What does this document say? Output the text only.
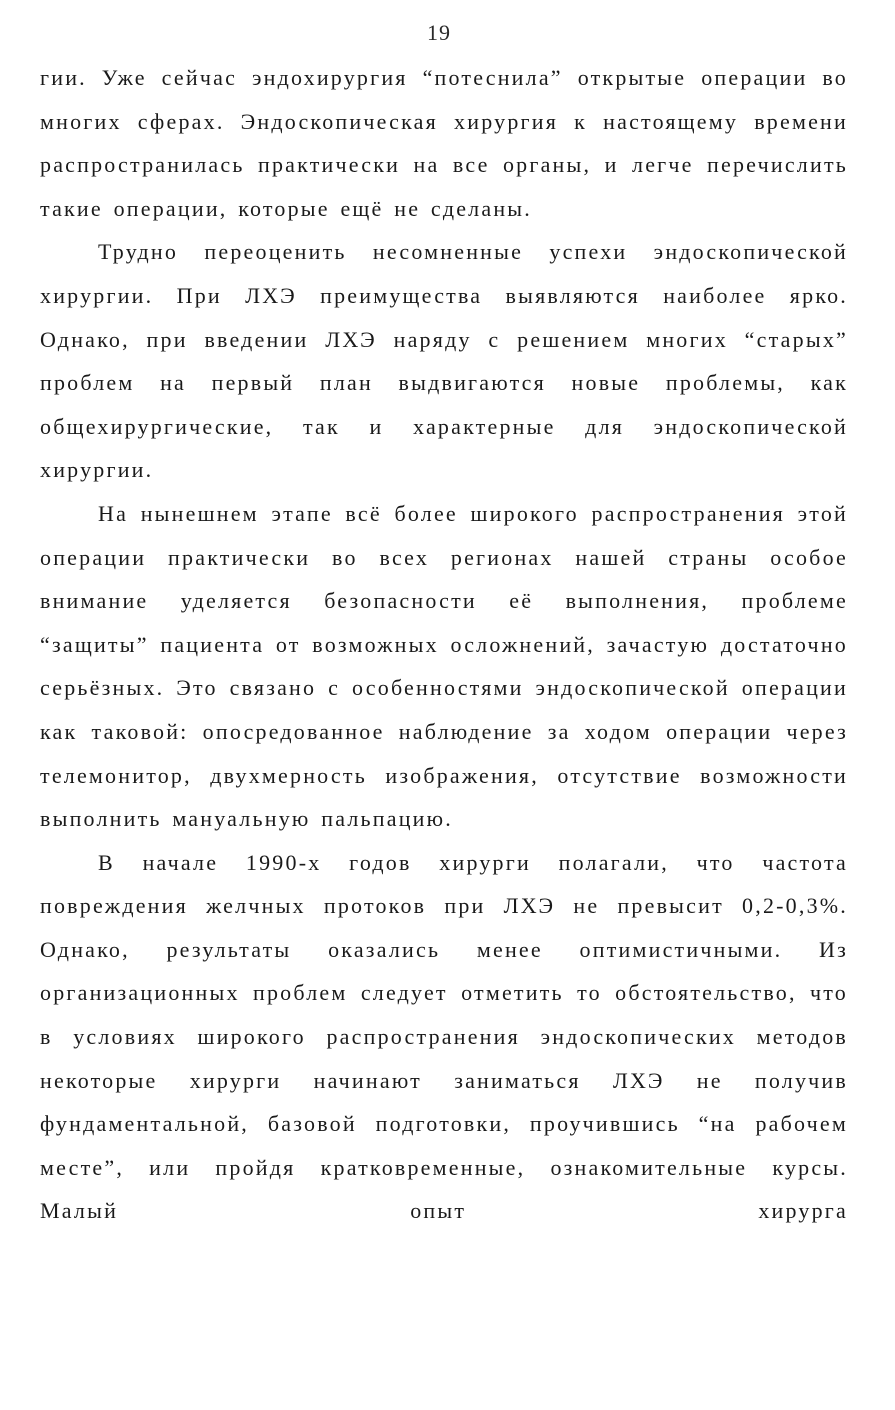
19

гии. Уже сейчас эндохирургия “потеснила” открытые операции во многих сферах. Эндоскопическая хирургия к настоящему времени распространилась практически на все органы, и легче перечислить такие операции, которые ещё не сделаны.

Трудно переоценить несомненные успехи эндоскопической хирургии. При ЛХЭ преимущества выявляются наиболее ярко. Однако, при введении ЛХЭ наряду с решением многих “старых” проблем на первый план выдвигаются новые проблемы, как общехирургические, так и характерные для эндоскопической хирургии.

На нынешнем этапе всё более широкого распространения этой операции практически во всех регионах нашей страны особое внимание уделяется безопасности её выполнения, проблеме “защиты” пациента от возможных осложнений, зачастую достаточно серьёзных. Это связано с особенностями эндоскопической операции как таковой: опосредованное наблюдение за ходом операции через телемонитор, двухмерность изображения, отсутствие возможности выполнить мануальную пальпацию.

В начале 1990-х годов хирурги полагали, что частота повреждения желчных протоков при ЛХЭ не превысит 0,2-0,3%. Однако, результаты оказались менее оптимистичными. Из организационных проблем следует отметить то обстоятельство, что в условиях широкого распространения эндоскопических методов некоторые хирурги начинают заниматься ЛХЭ не получив фундаментальной, базовой подготовки, проучившись “на рабочем месте”, или пройдя кратковременные, ознакомительные курсы. Малый опыт хирурга
